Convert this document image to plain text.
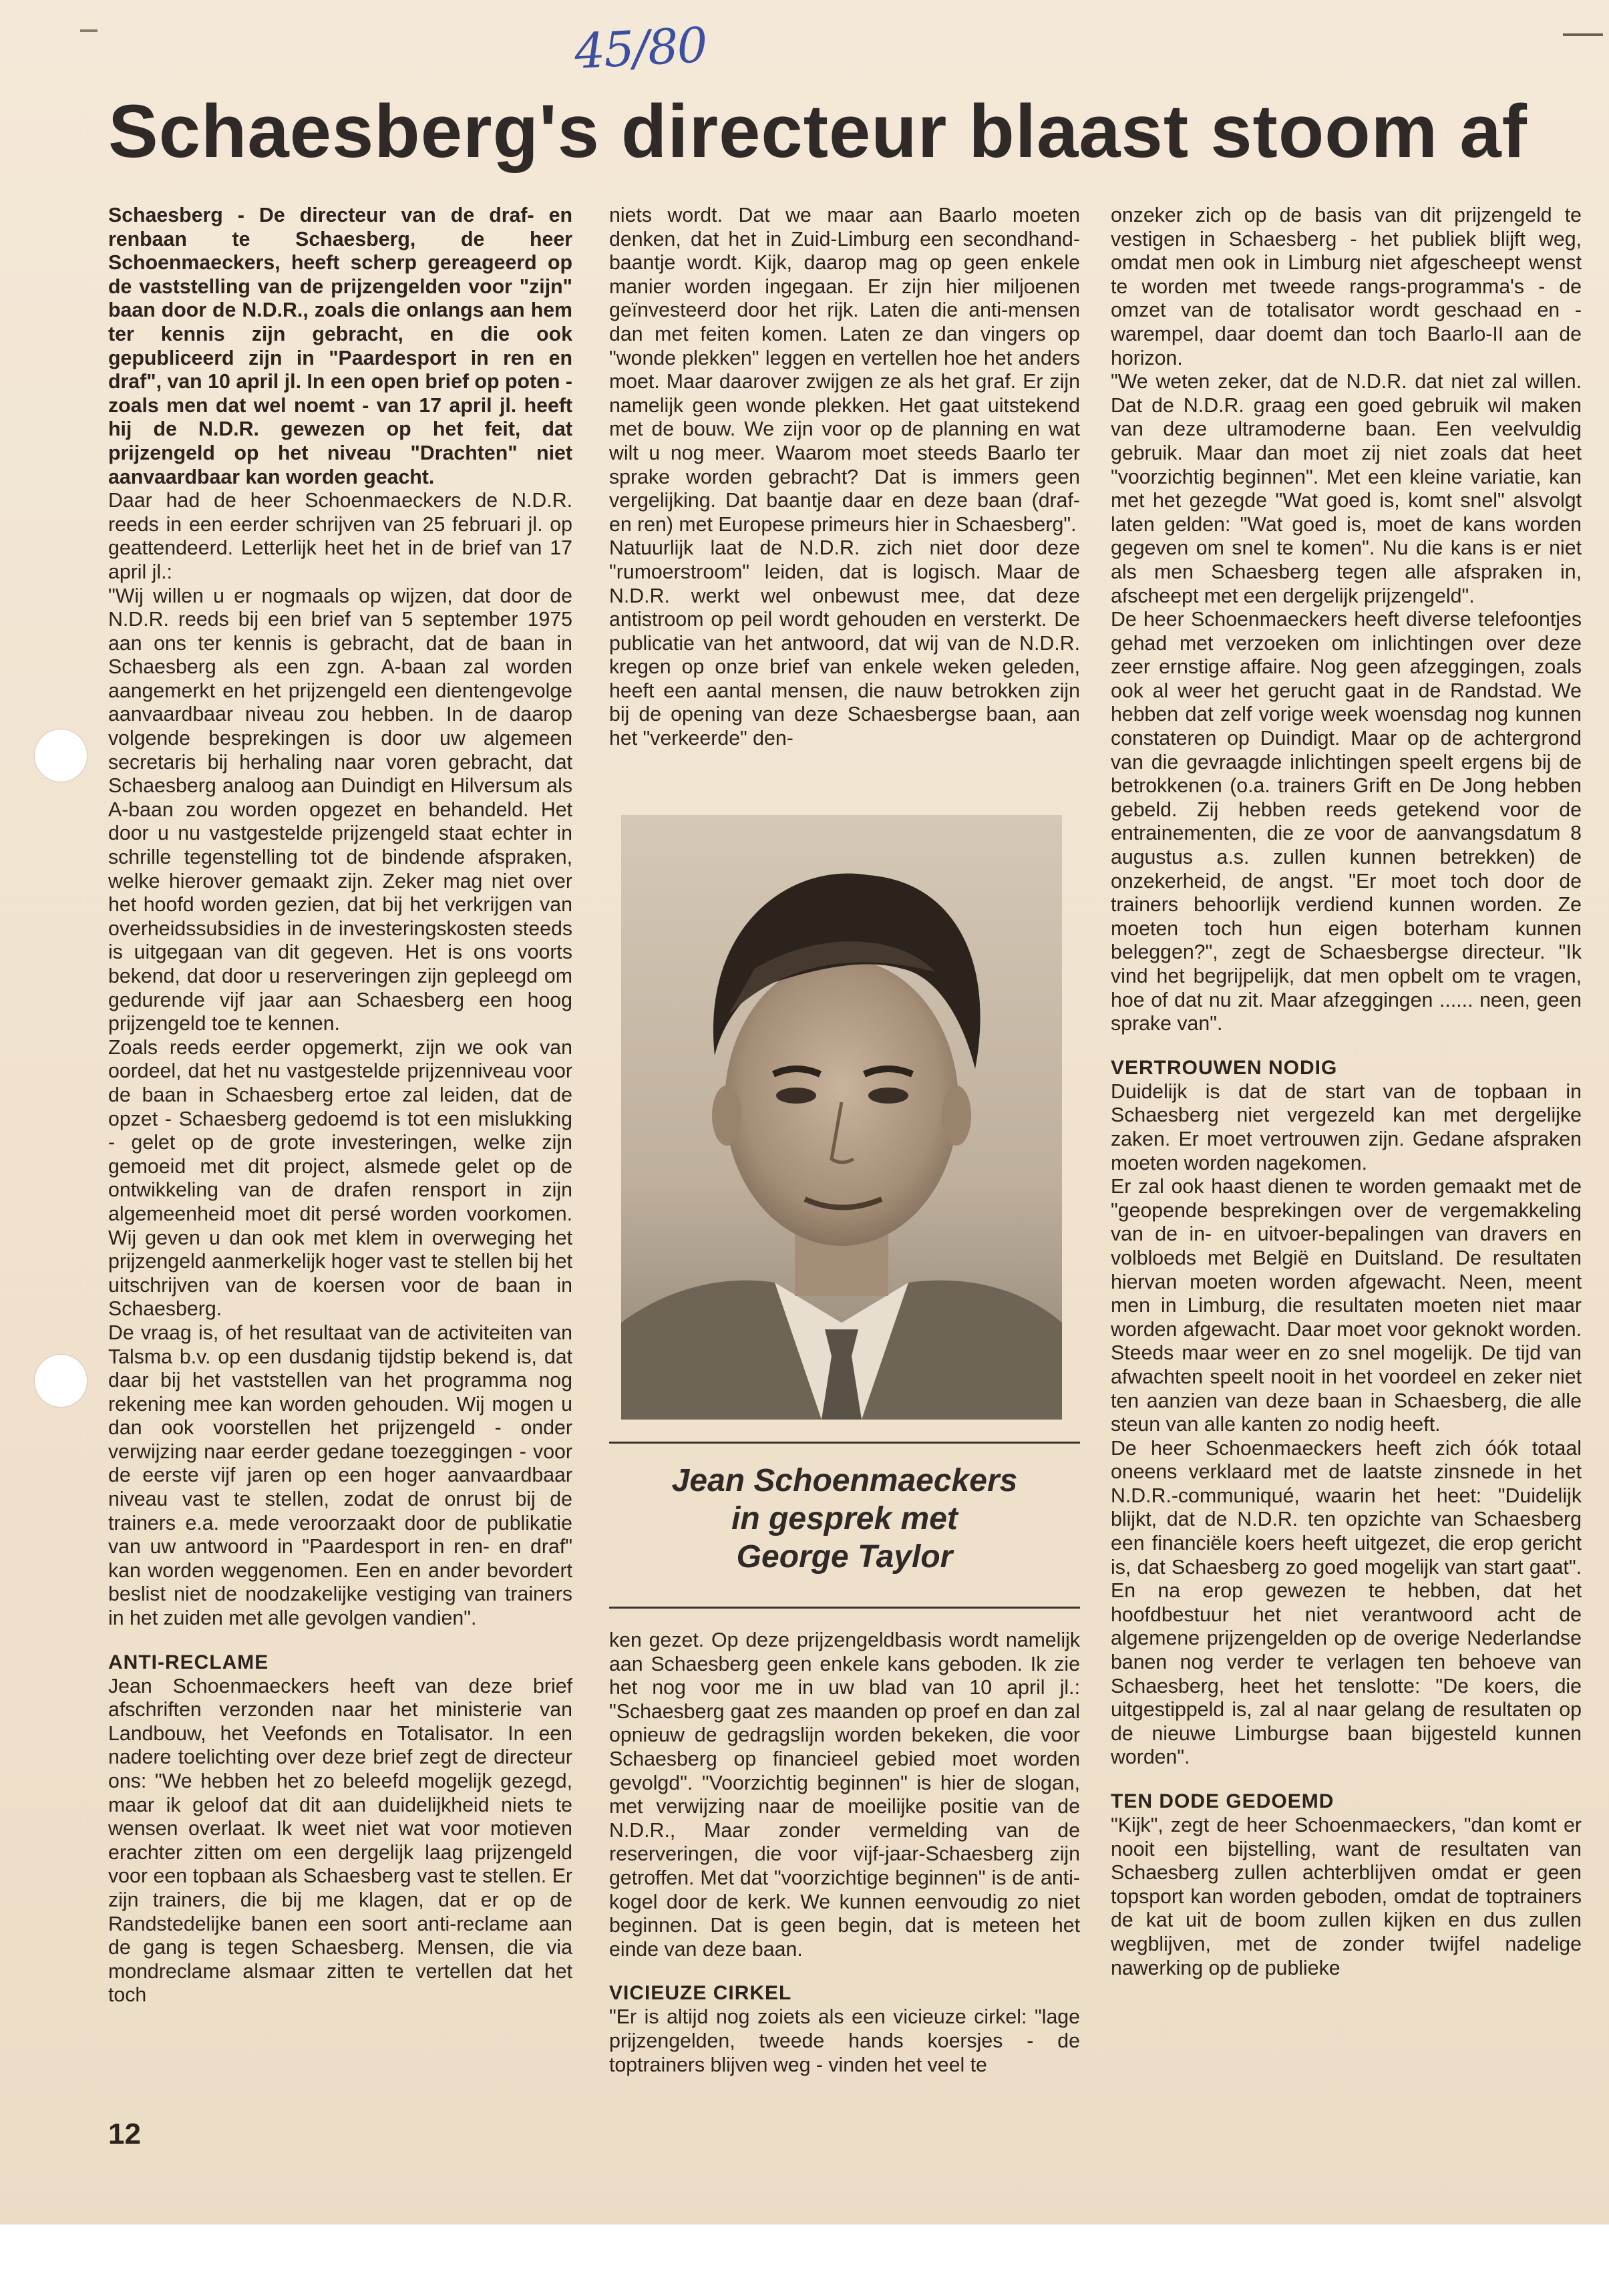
45/80
Schaesberg's directeur blaast stoom af

Schaesberg - De directeur van de draf- en renbaan te Schaesberg, de heer Schoenmaeckers, heeft scherp gereageerd op de vaststelling van de prijzengelden voor "zijn" baan door de N.D.R., zoals die onlangs aan hem ter kennis zijn gebracht, en die ook gepubliceerd zijn in "Paardesport in ren en draf", van 10 april jl. In een open brief op poten - zoals men dat wel noemt - van 17 april jl. heeft hij de N.D.R. gewezen op het feit, dat prijzengeld op het niveau "Drachten" niet aanvaardbaar kan worden geacht.

Daar had de heer Schoenmaeckers de N.D.R. reeds in een eerder schrijven van 25 februari jl. op geattendeerd. Letterlijk heet het in de brief van 17 april jl.:

"Wij willen u er nogmaals op wijzen, dat door de N.D.R. reeds bij een brief van 5 september 1975 aan ons ter kennis is gebracht, dat de baan in Schaesberg als een zgn. A-baan zal worden aangemerkt en het prijzengeld een dientengevolge aanvaardbaar niveau zou hebben. In de daarop volgende besprekingen is door uw algemeen secretaris bij herhaling naar voren gebracht, dat Schaesberg analoog aan Duindigt en Hilversum als A-baan zou worden opgezet en behandeld. Het door u nu vastgestelde prijzengeld staat echter in schrille tegenstelling tot de bindende afspraken, welke hierover gemaakt zijn. Zeker mag niet over het hoofd worden gezien, dat bij het verkrijgen van overheidssubsidies in de investeringskosten steeds is uitgegaan van dit gegeven. Het is ons voorts bekend, dat door u reserveringen zijn gepleegd om gedurende vijf jaar aan Schaesberg een hoog prijzengeld toe te kennen.

Zoals reeds eerder opgemerkt, zijn we ook van oordeel, dat het nu vastgestelde prijzenniveau voor de baan in Schaesberg ertoe zal leiden, dat de opzet - Schaesberg gedoemd is tot een mislukking - gelet op de grote investeringen, welke zijn gemoeid met dit project, alsmede gelet op de ontwikkeling van de drafen rensport in zijn algemeenheid moet dit persé worden voorkomen. Wij geven u dan ook met klem in overweging het prijzengeld aanmerkelijk hoger vast te stellen bij het uitschrijven van de koersen voor de baan in Schaesberg.

De vraag is, of het resultaat van de activiteiten van Talsma b.v. op een dusdanig tijdstip bekend is, dat daar bij het vaststellen van het programma nog rekening mee kan worden gehouden. Wij mogen u dan ook voorstellen het prijzengeld - onder verwijzing naar eerder gedane toezeggingen - voor de eerste vijf jaren op een hoger aanvaardbaar niveau vast te stellen, zodat de onrust bij de trainers e.a. mede veroorzaakt door de publikatie van uw antwoord in "Paardesport in ren- en draf" kan worden weggenomen. Een en ander bevordert beslist niet de noodzakelijke vestiging van trainers in het zuiden met alle gevolgen vandien".

ANTI-RECLAME

Jean Schoenmaeckers heeft van deze brief afschriften verzonden naar het ministerie van Landbouw, het Veefonds en Totalisator. In een nadere toelichting over deze brief zegt de directeur ons: "We hebben het zo beleefd mogelijk gezegd, maar ik geloof dat dit aan duidelijkheid niets te wensen overlaat. Ik weet niet wat voor motieven erachter zitten om een dergelijk laag prijzengeld voor een topbaan als Schaesberg vast te stellen. Er zijn trainers, die bij me klagen, dat er op de Randstedelijke banen een soort anti-reclame aan de gang is tegen Schaesberg. Mensen, die via mondreclame alsmaar zitten te vertellen dat het toch

niets wordt. Dat we maar aan Baarlo moeten denken, dat het in Zuid-Limburg een secondhand-baantje wordt. Kijk, daarop mag op geen enkele manier worden ingegaan. Er zijn hier miljoenen geïnvesteerd door het rijk. Laten die anti-mensen dan met feiten komen. Laten ze dan vingers op "wonde plekken" leggen en vertellen hoe het anders moet. Maar daarover zwijgen ze als het graf. Er zijn namelijk geen wonde plekken. Het gaat uitstekend met de bouw. We zijn voor op de planning en wat wilt u nog meer. Waarom moet steeds Baarlo ter sprake worden gebracht? Dat is immers geen vergelijking. Dat baantje daar en deze baan (draf- en ren) met Europese primeurs hier in Schaesberg".

Natuurlijk laat de N.D.R. zich niet door deze "rumoerstroom" leiden, dat is logisch. Maar de N.D.R. werkt wel onbewust mee, dat deze antistroom op peil wordt gehouden en versterkt. De publicatie van het antwoord, dat wij van de N.D.R. kregen op onze brief van enkele weken geleden, heeft een aantal mensen, die nauw betrokken zijn bij de opening van deze Schaesbergse baan, aan het "verkeerde" den-

Jean Schoenmaeckers
in gesprek met
George Taylor

ken gezet. Op deze prijzengeldbasis wordt namelijk aan Schaesberg geen enkele kans geboden. Ik zie het nog voor me in uw blad van 10 april jl.: "Schaesberg gaat zes maanden op proef en dan zal opnieuw de gedragslijn worden bekeken, die voor Schaesberg op financieel gebied moet worden gevolgd". "Voorzichtig beginnen" is hier de slogan, met verwijzing naar de moeilijke positie van de N.D.R., Maar zonder vermelding van de reserveringen, die voor vijf-jaar-Schaesberg zijn getroffen. Met dat "voorzichtige beginnen" is de anti-kogel door de kerk. We kunnen eenvoudig zo niet beginnen. Dat is geen begin, dat is meteen het einde van deze baan.

VICIEUZE CIRKEL

"Er is altijd nog zoiets als een vicieuze cirkel: "lage prijzengelden, tweede hands koersjes - de toptrainers blijven weg - vinden het veel te

onzeker zich op de basis van dit prijzengeld te vestigen in Schaesberg - het publiek blijft weg, omdat men ook in Limburg niet afgescheept wenst te worden met tweede rangs-programma's - de omzet van de totalisator wordt geschaad en - warempel, daar doemt dan toch Baarlo-II aan de horizon.

"We weten zeker, dat de N.D.R. dat niet zal willen. Dat de N.D.R. graag een goed gebruik wil maken van deze ultramoderne baan. Een veelvuldig gebruik. Maar dan moet zij niet zoals dat heet "voorzichtig beginnen". Met een kleine variatie, kan met het gezegde "Wat goed is, komt snel" alsvolgt laten gelden: "Wat goed is, moet de kans worden gegeven om snel te komen". Nu die kans is er niet als men Schaesberg tegen alle afspraken in, afscheept met een dergelijk prijzengeld".

De heer Schoenmaeckers heeft diverse telefoontjes gehad met verzoeken om inlichtingen over deze zeer ernstige affaire. Nog geen afzeggingen, zoals ook al weer het gerucht gaat in de Randstad. We hebben dat zelf vorige week woensdag nog kunnen constateren op Duindigt. Maar op de achtergrond van die gevraagde inlichtingen speelt ergens bij de betrokkenen (o.a. trainers Grift en De Jong hebben gebeld. Zij hebben reeds getekend voor de entrainementen, die ze voor de aanvangsdatum 8 augustus a.s. zullen kunnen betrekken) de onzekerheid, de angst. "Er moet toch door de trainers behoorlijk verdiend kunnen worden. Ze moeten toch hun eigen boterham kunnen beleggen?", zegt de Schaesbergse directeur. "Ik vind het begrijpelijk, dat men opbelt om te vragen, hoe of dat nu zit. Maar afzeggingen ...... neen, geen sprake van".

VERTROUWEN NODIG

Duidelijk is dat de start van de topbaan in Schaesberg niet vergezeld kan met dergelijke zaken. Er moet vertrouwen zijn. Gedane afspraken moeten worden nagekomen.

Er zal ook haast dienen te worden gemaakt met de "geopende besprekingen over de vergemakkeling van de in- en uitvoer-bepalingen van dravers en volbloeds met België en Duitsland. De resultaten hiervan moeten worden afgewacht. Neen, meent men in Limburg, die resultaten moeten niet maar worden afgewacht. Daar moet voor geknokt worden. Steeds maar weer en zo snel mogelijk. De tijd van afwachten speelt nooit in het voordeel en zeker niet ten aanzien van deze baan in Schaesberg, die alle steun van alle kanten zo nodig heeft.

De heer Schoenmaeckers heeft zich óók totaal oneens verklaard met de laatste zinsnede in het N.D.R.-communiqué, waarin het heet: "Duidelijk blijkt, dat de N.D.R. ten opzichte van Schaesberg een financiële koers heeft uitgezet, die erop gericht is, dat Schaesberg zo goed mogelijk van start gaat". En na erop gewezen te hebben, dat het hoofdbestuur het niet verantwoord acht de algemene prijzengelden op de overige Nederlandse banen nog verder te verlagen ten behoeve van Schaesberg, heet het tenslotte: "De koers, die uitgestippeld is, zal al naar gelang de resultaten op de nieuwe Limburgse baan bijgesteld kunnen worden".

TEN DODE GEDOEMD

"Kijk", zegt de heer Schoenmaeckers, "dan komt er nooit een bijstelling, want de resultaten van Schaesberg zullen achterblijven omdat er geen topsport kan worden geboden, omdat de toptrainers de kat uit de boom zullen kijken en dus zullen wegblijven, met de zonder twijfel nadelige nawerking op de publieke

12
